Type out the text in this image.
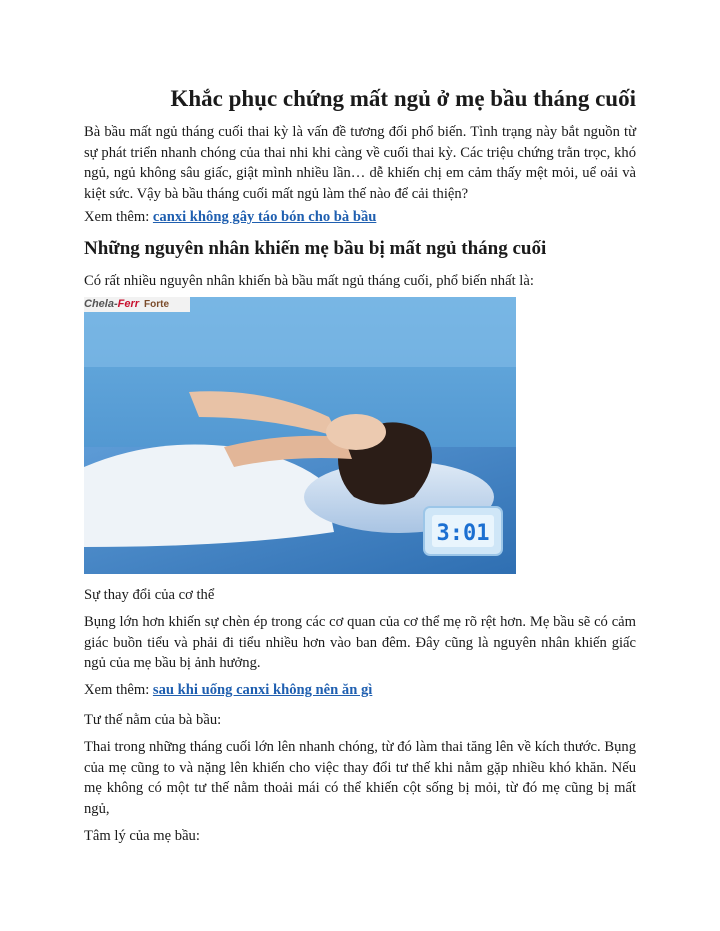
Khắc phục chứng mất ngủ ở mẹ bầu tháng cuối

Bà bầu mất ngủ tháng cuối thai kỳ là vấn đề tương đối phổ biến. Tình trạng này bắt nguồn từ sự phát triển nhanh chóng của thai nhi khi càng về cuối thai kỳ. Các triệu chứng trằn trọc, khó ngủ, ngủ không sâu giấc, giật mình nhiều lần… dễ khiến chị em cảm thấy mệt mỏi, uể oải và kiệt sức. Vậy bà bầu tháng cuối mất ngủ làm thế nào để cải thiện?

Xem thêm: canxi không gây táo bón cho bà bầu

Những nguyên nhân khiến mẹ bầu bị mất ngủ tháng cuối

Có rất nhiều nguyên nhân khiến bà bầu mất ngủ tháng cuối, phổ biến nhất là:

3:01
Chela-Ferr Forte

Sự thay đổi của cơ thể

Bụng lớn hơn khiến sự chèn ép trong các cơ quan của cơ thể mẹ rõ rệt hơn. Mẹ bầu sẽ có cảm giác buồn tiểu và phải đi tiểu nhiều hơn vào ban đêm. Đây cũng là nguyên nhân khiến giấc ngủ của mẹ bầu bị ảnh hưởng.

Xem thêm: sau khi uống canxi không nên ăn gì

Tư thế nằm của bà bầu:

Thai trong những tháng cuối lớn lên nhanh chóng, từ đó làm thai tăng lên về kích thước. Bụng của mẹ cũng to và nặng lên khiến cho việc thay đổi tư thế khi nằm gặp nhiều khó khăn. Nếu mẹ không có một tư thế nằm thoải mái có thể khiến cột sống bị mỏi, từ đó mẹ cũng bị mất ngủ,

Tâm lý của mẹ bầu:
